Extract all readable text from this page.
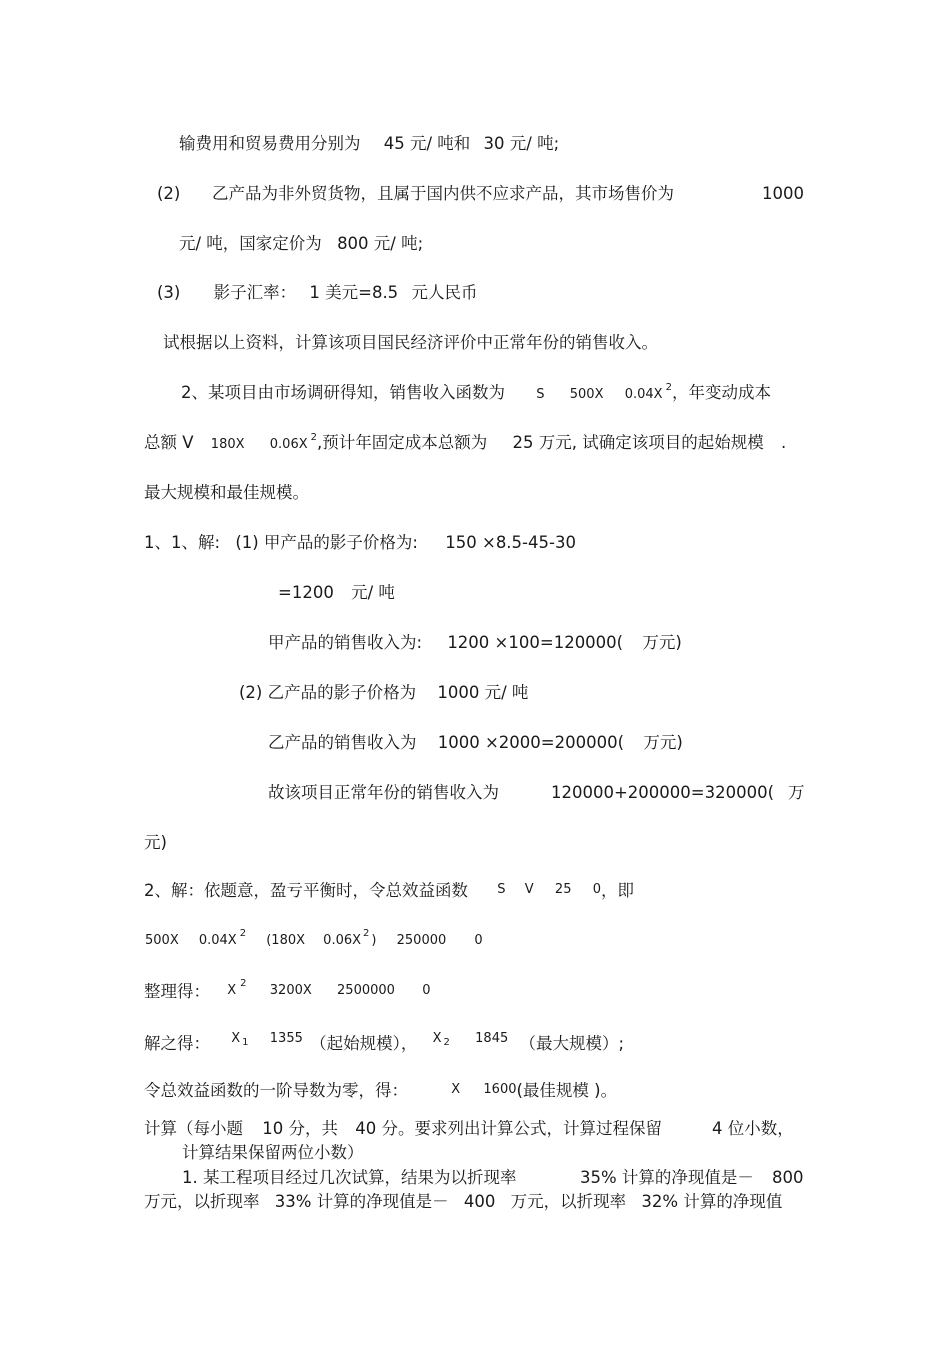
输费用和贸易费用分别为 45 元/ 吨和 30 元/ 吨;
(2) 乙产品为非外贸货物，且属于国内供不应求产品，其市场售价为	1000
元/ 吨，国家定价为 800 元/ 吨;
(3) 影子汇率： 1 美元=8.5 元人民币
试根据以上资料，计算该项目国民经济评价中正常年份的销售收入。
2、某项目由市场调研得知，销售收入函数为 S 500X 0.04X $^2$，年变动成本
总额 V 180X 0.06X $^2$,预计年固定成本总额为 25 万元, 试确定该项目的起始规模 .
最大规模和最佳规模。
1、1、解: (1) 甲产品的影子价格为: 150 ×8.5-45-30
=1200 元/ 吨
甲产品的销售收入为: 1200 ×100=120000( 万元)
(2) 乙产品的影子价格为 1000 元/ 吨
乙产品的销售收入为 1000 ×2000=200000( 万元)
故该项目正常年份的销售收入为	120000+200000=320000( 万
元)
2、解：依题意，盈亏平衡时，令总效益函数 S V 25 0，即
500X 0.04X $^2$ (180X 0.06X $^2$ ) 250000 0
整理得： X $^2$ 3200X 2500000 0
解之得： $^X$ $^1$ $^{1355}$ （起始规模）， $^X$ $^2$ $^{1845}$ （最大规模）;
令总效益函数的一阶导数为零，得：	X 1600(最佳规模 )。
计算（每小题 10 分，共 40 分。要求列出计算公式，计算过程保留	4 位小数，
计算结果保留两位小数）
1. 某工程项目经过几次试算，结果为以折现率	35% 计算的净现值是－ 800
万元，以折现率 33% 计算的净现值是－ 400 万元，以折现率 32% 计算的净现值
